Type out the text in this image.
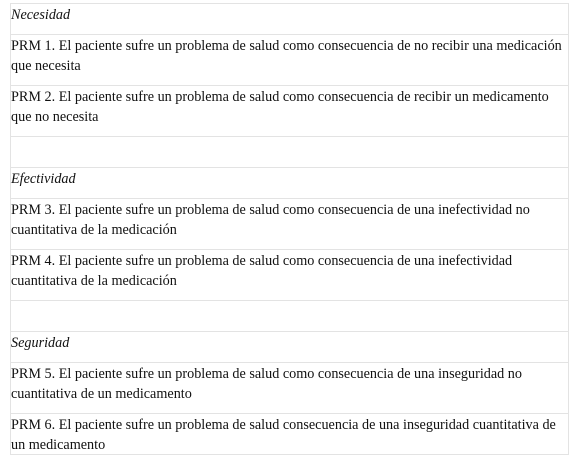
Necesidad
PRM 1. El paciente sufre un problema de salud como consecuencia de no recibir una medicación que necesita
PRM 2. El paciente sufre un problema de salud como consecuencia de recibir un medicamento que no necesita
Efectividad
PRM 3. El paciente sufre un problema de salud como consecuencia de una inefectividad no cuantitativa de la medicación
PRM 4. El paciente sufre un problema de salud como consecuencia de una inefectividad cuantitativa de la medicación
Seguridad
PRM 5. El paciente sufre un problema de salud como consecuencia de una inseguridad no cuantitativa de un medicamento
PRM 6. El paciente sufre un problema de salud consecuencia de una inseguridad cuantitativa de un medicamento
